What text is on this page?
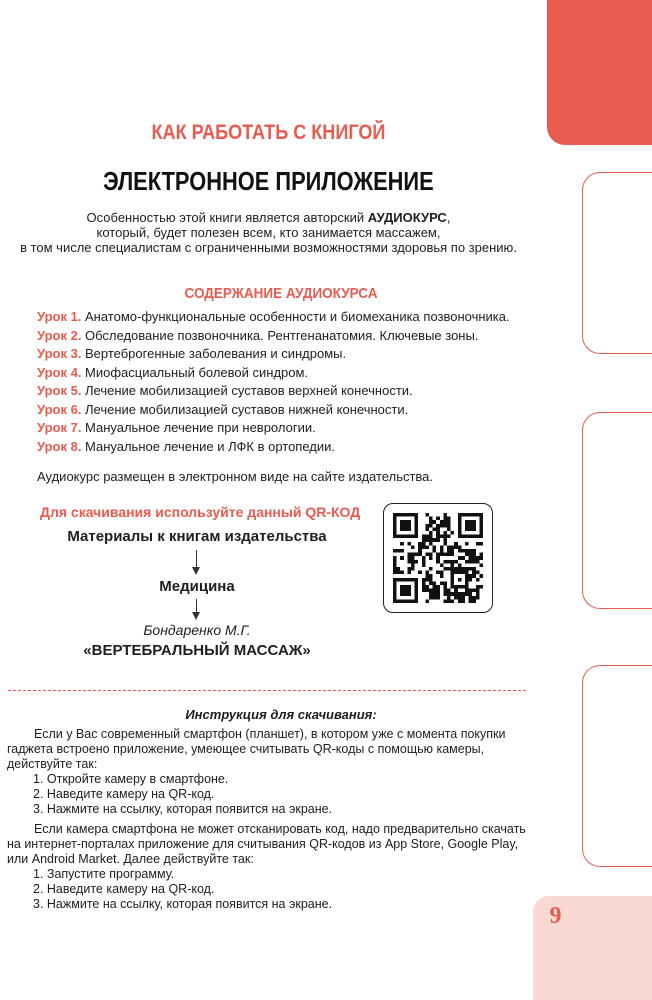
9
КАК РАБОТАТЬ С КНИГОЙ
ЭЛЕКТРОННОЕ ПРИЛОЖЕНИЕ
Особенностью этой книги является авторский АУДИОКУРС,
который, будет полезен всем, кто занимается массажем,
в том числе специалистам с ограниченными возможностями здоровья по зрению.
СОДЕРЖАНИЕ АУДИОКУРСА
Урок 1. Анатомо-функциональные особенности и биомеханика позвоночника.
Урок 2. Обследование позвоночника. Рентгенанатомия. Ключевые зоны.
Урок 3. Вертеброгенные заболевания и синдромы.
Урок 4. Миофасциальный болевой синдром.
Урок 5. Лечение мобилизацией суставов верхней конечности.
Урок 6. Лечение мобилизацией суставов нижней конечности.
Урок 7. Мануальное лечение при неврологии.
Урок 8. Мануальное лечение и ЛФК в ортопедии.
Аудиокурс размещен в электронном виде на сайте издательства.
Для скачивания используйте данный QR-КОД
Материалы к книгам издательства
Медицина
Бондаренко М.Г.
«ВЕРТЕБРАЛЬНЫЙ МАССАЖ»
Инструкция для скачивания:

Если у Вас современный смартфон (планшет), в котором уже с момента покупки гаджета встроено приложение, умеющее считывать QR-коды с помощью камеры, действуйте так:

1. Откройте камеру в смартфоне.

2. Наведите камеру на QR-код.

3. Нажмите на ссылку, которая появится на экране.

Если камера смартфона не может отсканировать код, надо предварительно скачать на интернет-порталах приложение для считывания QR-кодов из App Store, Google Play, или Android Market. Далее действуйте так:

1. Запустите программу.

2. Наведите камеру на QR-код.

3. Нажмите на ссылку, которая появится на экране.
